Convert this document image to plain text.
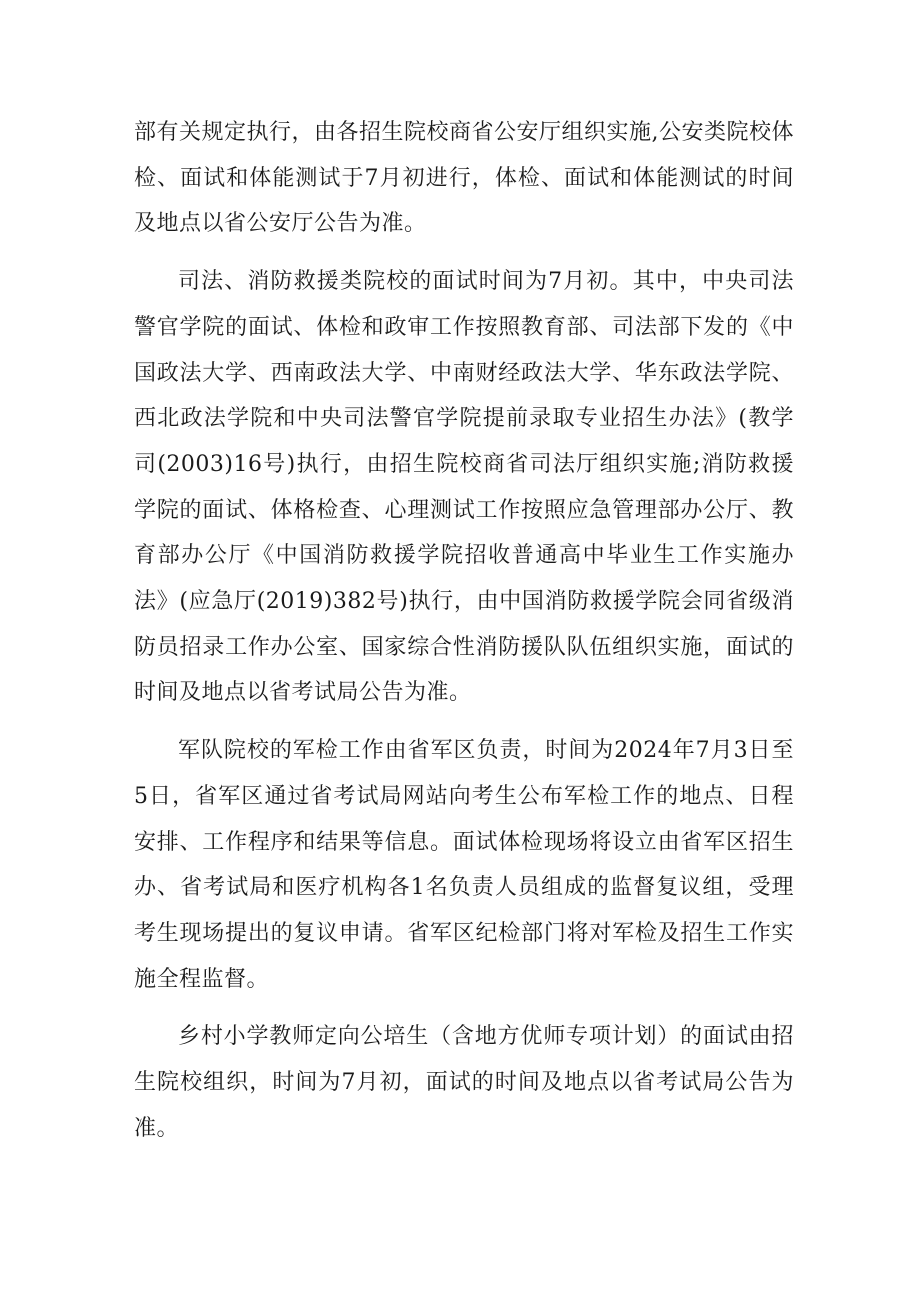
部有关规定执行，由各招生院校商省公安厅组织实施,公安类院校体检、面试和体能测试于7月初进行，体检、面试和体能测试的时间及地点以省公安厅公告为准。

司法、消防救援类院校的面试时间为7月初。其中，中央司法警官学院的面试、体检和政审工作按照教育部、司法部下发的《中国政法大学、西南政法大学、中南财经政法大学、华东政法学院、西北政法学院和中央司法警官学院提前录取专业招生办法》(教学司(2003)16号)执行，由招生院校商省司法厅组织实施;消防救援学院的面试、体格检查、心理测试工作按照应急管理部办公厅、教育部办公厅《中国消防救援学院招收普通高中毕业生工作实施办法》(应急厅(2019)382号)执行，由中国消防救援学院会同省级消防员招录工作办公室、国家综合性消防援队队伍组织实施，面试的时间及地点以省考试局公告为准。

军队院校的军检工作由省军区负责，时间为2024年7月3日至5日，省军区通过省考试局网站向考生公布军检工作的地点、日程安排、工作程序和结果等信息。面试体检现场将设立由省军区招生办、省考试局和医疗机构各1名负责人员组成的监督复议组，受理考生现场提出的复议申请。省军区纪检部门将对军检及招生工作实施全程监督。

乡村小学教师定向公培生（含地方优师专项计划）的面试由招生院校组织，时间为7月初，面试的时间及地点以省考试局公告为准。
